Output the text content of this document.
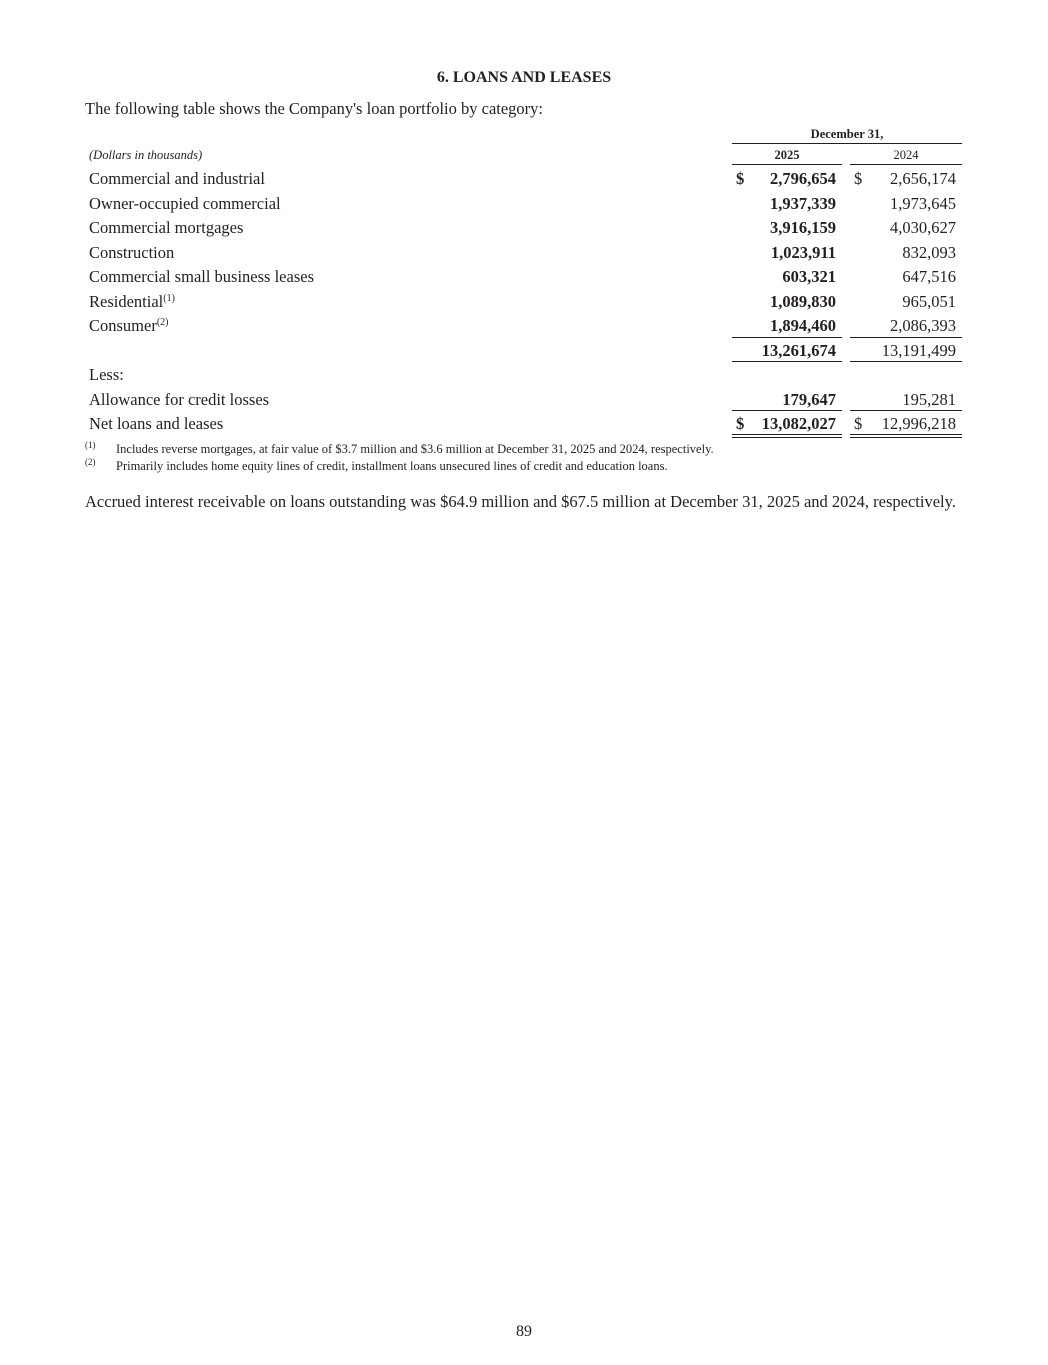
6. LOANS AND LEASES
The following table shows the Company's loan portfolio by category:
December 31,
(Dollars in thousands)	2025	2024
Commercial and industrial	$	2,796,654 $	2,656,174
Owner-occupied commercial	1,937,339	1,973,645
Commercial mortgages	3,916,159	4,030,627
Construction	1,023,911	832,093
Commercial small business leases	603,321	647,516
Residential$^{(1)}$	1,089,830	965,051
Consumer$^{(2)}$	1,894,460	2,086,393
13,261,674	13,191,499
Less:
Allowance for credit losses	179,647	195,281
Net loans and leases	$	13,082,027 $	12,996,218
(1) Includes reverse mortgages, at fair value of $3.7 million and $3.6 million at December 31, 2025 and 2024, respectively.
(2) Primarily includes home equity lines of credit, installment loans unsecured lines of credit and education loans.
Accrued interest receivable on loans outstanding was $64.9 million and $67.5 million at December 31, 2025 and 2024, respectively.
89
